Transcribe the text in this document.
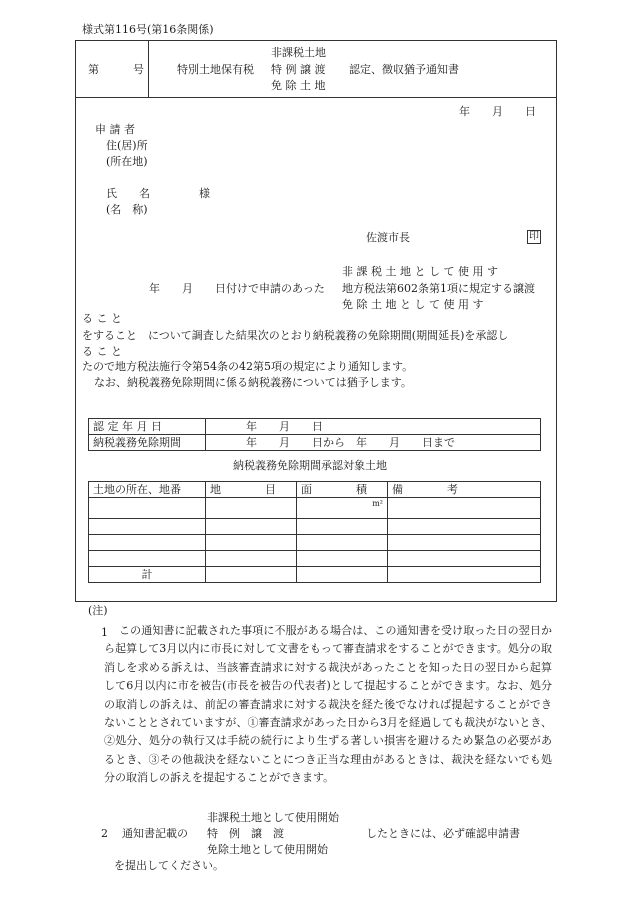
様式第116号(第16条関係)
第	号	特別土地保有税
非課税土地
特 例 譲 渡
免 除 土 地
認定、徴収猶予通知書
年　　月　　日
申 請 者
住(居)所
(所在地)
氏　　名	様
(名　称)
佐渡市長	印
非 課 税 土 地 と し て 使 用 す
年　　月　　日付けで申請のあった 地方税法第602条第1項に規定する譲渡
免 除 土 地 と し て 使 用 す
る こ と
をすること　について調査した結果次のとおり納税義務の免除期間(期間延長)を承認し
る こ と
たので地方税法施行令第54条の42第5項の規定により通知します。
なお、納税義務免除期間に係る納税義務については猶予します。
認 定 年 月 日	年　　月　　日
納税義務免除期間	年　　月　　日から　年　　月　　日まで
納税義務免除期間承認対象土地
土地の所在、地番	地　　　　目	面　　　　積	備　　　　考
		m²	

計			
(注)
1	この通知書に記載された事項に不服がある場合は、この通知書を受け取った日の翌日から起算して3月以内に市長に対して文書をもって審査請求をすることができます。処分の取消しを求める訴えは、当該審査請求に対する裁決があったことを知った日の翌日から起算して6月以内に市を被告(市長を被告の代表者)として提起することができます。なお、処分の取消しの訴えは、前記の審査請求に対する裁決を経た後でなければ提起することができないこととされていますが、①審査請求があった日から3月を経過しても裁決がないとき、②処分、処分の執行又は手続の続行により生ずる著しい損害を避けるため緊急の必要があるとき、③その他裁決を経ないことにつき正当な理由があるときは、裁決を経ないでも処分の取消しの訴えを提起することができます。
非課税土地として使用開始
2 通知書記載の 特　例　譲　渡	したときには、必ず確認申請書
免除土地として使用開始
を提出してください。
